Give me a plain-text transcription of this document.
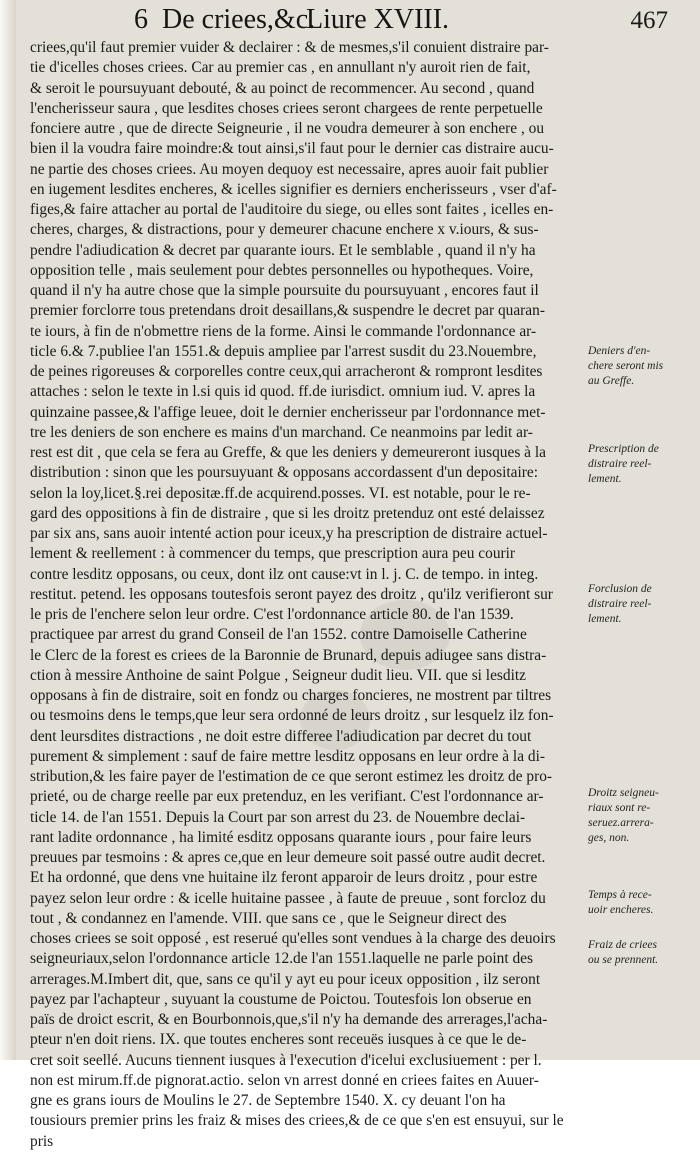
6 De criees,&c.
Liure XVIII.	467
criees,qu'il faut premier vuider & declairer : & de mesmes,s'il conuient distraire par-
tie d'icelles choses criees. Car au premier cas , en annullant n'y auroit rien de fait,
& seroit le poursuyuant debouté, & au poinct de recommencer. Au second , quand
l'encherisseur saura , que lesdites choses criees seront chargees de rente perpetuelle
fonciere autre , que de directe Seigneurie , il ne voudra demeurer à son enchere , ou
bien il la voudra faire moindre:& tout ainsi,s'il faut pour le dernier cas distraire aucu-
ne partie des choses criees. Au moyen dequoy est necessaire, apres auoir fait publier
en iugement lesdites encheres, & icelles signifier es derniers encherisseurs , vser d'af-
figes,& faire attacher au portal de l'auditoire du siege, ou elles sont faites , icelles en-
cheres, charges, & distractions, pour y demeurer chacune enchere x v.iours, & sus-
pendre l'adiudication & decret par quarante iours. Et le semblable , quand il n'y ha
opposition telle , mais seulement pour debtes personnelles ou hypotheques. Voire,
quand il n'y ha autre chose que la simple poursuite du poursuyuant , encores faut il
premier forclorre tous pretendans droit desaillans,& suspendre le decret par quaran-
te iours, à fin de n'obmettre riens de la forme. Ainsi le commande l'ordonnance ar-
ticle 6.& 7.publiee l'an 1551.& depuis ampliee par l'arrest susdit du 23.Nouembre,
de peines rigoreuses & corporelles contre ceux,qui arracheront & rompront lesdites
attaches : selon le texte in l.si quis id quod. ff.de iurisdict. omnium iud. V. apres la
quinzaine passee,& l'affige leuee, doit le dernier encherisseur par l'ordonnance met-
tre les deniers de son enchere es mains d'un marchand. Ce neanmoins par ledit ar-
rest est dit , que cela se fera au Greffe, & que les deniers y demeureront iusques à la
distribution : sinon que les poursuyuant & opposans accordassent d'un depositaire:
selon la loy,licet.§.rei depositæ.ff.de acquirend.posses. VI. est notable, pour le re-
gard des oppositions à fin de distraire , que si les droitz pretenduz ont esté delaissez
par six ans, sans auoir intenté action pour iceux,y ha prescription de distraire actuel-
lement & reellement : à commencer du temps, que prescription aura peu courir
contre lesditz opposans, ou ceux, dont ilz ont cause:vt in l. j. C. de tempo. in integ.
restitut. petend. les opposans toutesfois seront payez des droitz , qu'ilz verifieront sur
le pris de l'enchere selon leur ordre. C'est l'ordonnance article 80. de l'an 1539.
practiquee par arrest du grand Conseil de l'an 1552. contre Damoiselle Catherine
le Clerc de la forest es criees de la Baronnie de Brunard, depuis adiugee sans distra-
ction à messire Anthoine de saint Polgue , Seigneur dudit lieu. VII. que si lesditz
opposans à fin de distraire, soit en fondz ou charges foncieres, ne mostrent par tiltres
ou tesmoins dens le temps,que leur sera ordonné de leurs droitz , sur lesquelz ilz fon-
dent leursdites distractions , ne doit estre differee l'adiudication par decret du tout
purement & simplement : sauf de faire mettre lesditz opposans en leur ordre à la di-
stribution,& les faire payer de l'estimation de ce que seront estimez les droitz de pro-
prieté, ou de charge reelle par eux pretenduz, en les verifiant. C'est l'ordonnance ar-
ticle 14. de l'an 1551. Depuis la Court par son arrest du 23. de Nouembre declai-
rant ladite ordonnance , ha limité esditz opposans quarante iours , pour faire leurs
preuues par tesmoins : & apres ce,que en leur demeure soit passé outre audit decret.
Et ha ordonné, que dens vne huitaine ilz feront apparoir de leurs droitz , pour estre
payez selon leur ordre : & icelle huitaine passee , à faute de preuue , sont forcloz du
tout , & condannez en l'amende. VIII. que sans ce , que le Seigneur direct des
choses criees se soit opposé , est reserué qu'elles sont vendues à la charge des deuoirs
seigneuriaux,selon l'ordonnance article 12.de l'an 1551.laquelle ne parle point des
arrerages.M.Imbert dit, que, sans ce qu'il y ayt eu pour iceux opposition , ilz seront
payez par l'achapteur , suyuant la coustume de Poictou. Toutesfois lon obserue en
païs de droict escrit, & en Bourbonnois,que,s'il n'y ha demande des arrerages,l'acha-
pteur n'en doit riens. IX. que toutes encheres sont receuës iusques à ce que le de-
cret soit seellé. Aucuns tiennent iusques à l'execution d'icelui exclusiuement : per l.
non est mirum.ff.de pignorat.actio. selon vn arrest donné en criees faites en Auuer-
gne es grans iours de Moulins le 27. de Septembre 1540. X. cy deuant l'on ha
tousiours premier prins les fraiz & mises des criees,& de ce que s'en est ensuyui, sur le
pris
Deniers d'en-
chere seront mis
au Greffe.
Prescription de
distraire reel-
lement.
Forclusion de
distraire reel-
lement.
Droitz seigneu-
riaux sont re-
seruez.arrera-
ges, non.
Temps à rece-
uoir encheres.
Fraiz de criees
ou se prennent.
